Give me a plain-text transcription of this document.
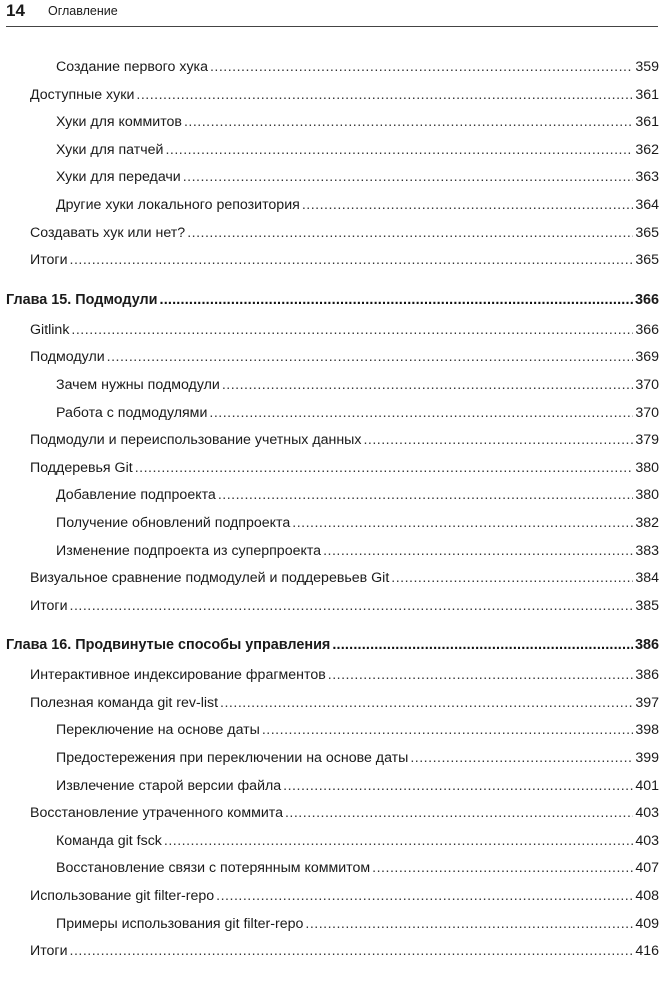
14 Оглавление
Создание первого хука .....	359
Доступные хуки .....	361
Хуки для коммитов .....	361
Хуки для патчей .....	362
Хуки для передачи .....	363
Другие хуки локального репозитория .....	364
Создавать хук или нет? .....	365
Итоги .....	365
Глава 15. Подмодули .....	366
Gitlink .....	366
Подмодули .....	369
Зачем нужны подмодули .....	370
Работа с подмодулями .....	370
Подмодули и переиспользование учетных данных .....	379
Поддеревья Git .....	380
Добавление подпроекта .....	380
Получение обновлений подпроекта .....	382
Изменение подпроекта из суперпроекта .....	383
Визуальное сравнение подмодулей и поддеревьев Git .....	384
Итоги .....	385
Глава 16. Продвинутые способы управления .....	386
Интерактивное индексирование фрагментов .....	386
Полезная команда git rev-list .....	397
Переключение на основе даты .....	398
Предостережения при переключении на основе даты .....	399
Извлечение старой версии файла .....	401
Восстановление утраченного коммита .....	403
Команда git fsck .....	403
Восстановление связи с потерянным коммитом .....	407
Использование git filter-repo .....	408
Примеры использования git filter-repo .....	409
Итоги .....	416
